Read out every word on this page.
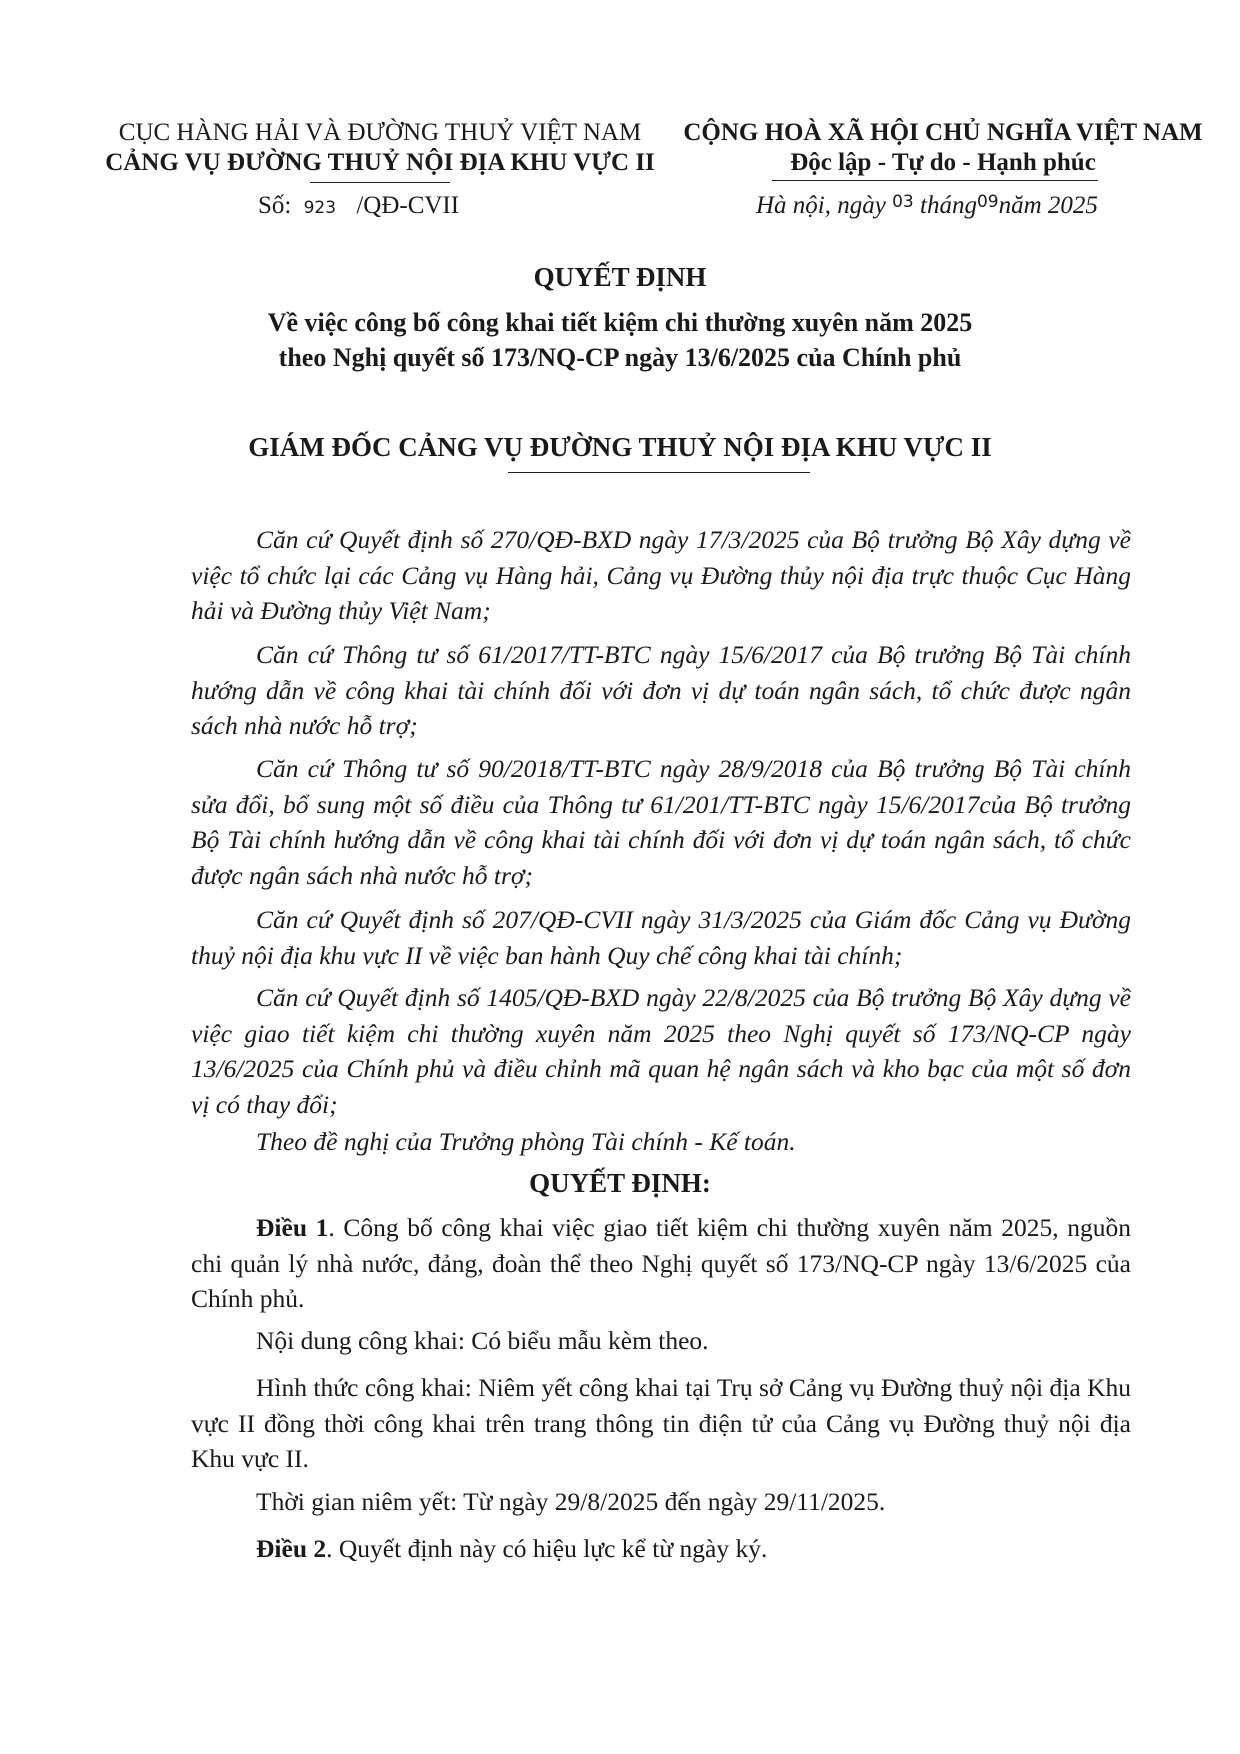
CỤC HÀNG HẢI VÀ ĐƯỜNG THUỶ VIỆT NAM
CẢNG VỤ ĐƯỜNG THUỶ NỘI ĐỊA KHU VỰC II
Số: 923 /QĐ-CVII
CỘNG HOÀ XÃ HỘI CHỦ NGHĨA VIỆT NAM
Độc lập - Tự do - Hạnh phúc
Hà nội, ngày $^{03}$ tháng$^{09}$năm 2025
QUYẾT ĐỊNH
Về việc công bố công khai tiết kiệm chi thường xuyên năm 2025
theo Nghị quyết số 173/NQ-CP ngày 13/6/2025 của Chính phủ
GIÁM ĐỐC CẢNG VỤ ĐƯỜNG THUỶ NỘI ĐỊA KHU VỰC II
Căn cứ Quyết định số 270/QĐ-BXD ngày 17/3/2025 của Bộ trưởng Bộ Xây dựng về việc tổ chức lại các Cảng vụ Hàng hải, Cảng vụ Đường thủy nội địa trực thuộc Cục Hàng hải và Đường thủy Việt Nam;
Căn cứ Thông tư số 61/2017/TT-BTC ngày 15/6/2017 của Bộ trưởng Bộ Tài chính hướng dẫn về công khai tài chính đối với đơn vị dự toán ngân sách, tổ chức được ngân sách nhà nước hỗ trợ;
Căn cứ Thông tư số 90/2018/TT-BTC ngày 28/9/2018 của Bộ trưởng Bộ Tài chính sửa đổi, bổ sung một số điều của Thông tư 61/201/TT-BTC ngày 15/6/2017của Bộ trưởng Bộ Tài chính hướng dẫn về công khai tài chính đối với đơn vị dự toán ngân sách, tổ chức được ngân sách nhà nước hỗ trợ;
Căn cứ Quyết định số 207/QĐ-CVII ngày 31/3/2025 của Giám đốc Cảng vụ Đường thuỷ nội địa khu vực II về việc ban hành Quy chế công khai tài chính;
Căn cứ Quyết định số 1405/QĐ-BXD ngày 22/8/2025 của Bộ trưởng Bộ Xây dựng về việc giao tiết kiệm chi thường xuyên năm 2025 theo Nghị quyết số 173/NQ-CP ngày 13/6/2025 của Chính phủ và điều chỉnh mã quan hệ ngân sách và kho bạc của một số đơn vị có thay đổi;
Theo đề nghị của Trưởng phòng Tài chính - Kế toán.
QUYẾT ĐỊNH:
Điều 1. Công bố công khai việc giao tiết kiệm chi thường xuyên năm 2025, nguồn chi quản lý nhà nước, đảng, đoàn thể theo Nghị quyết số 173/NQ-CP ngày 13/6/2025 của Chính phủ.
Nội dung công khai: Có biểu mẫu kèm theo.
Hình thức công khai: Niêm yết công khai tại Trụ sở Cảng vụ Đường thuỷ nội địa Khu vực II đồng thời công khai trên trang thông tin điện tử của Cảng vụ Đường thuỷ nội địa Khu vực II.
Thời gian niêm yết: Từ ngày 29/8/2025 đến ngày 29/11/2025.
Điều 2. Quyết định này có hiệu lực kể từ ngày ký.
